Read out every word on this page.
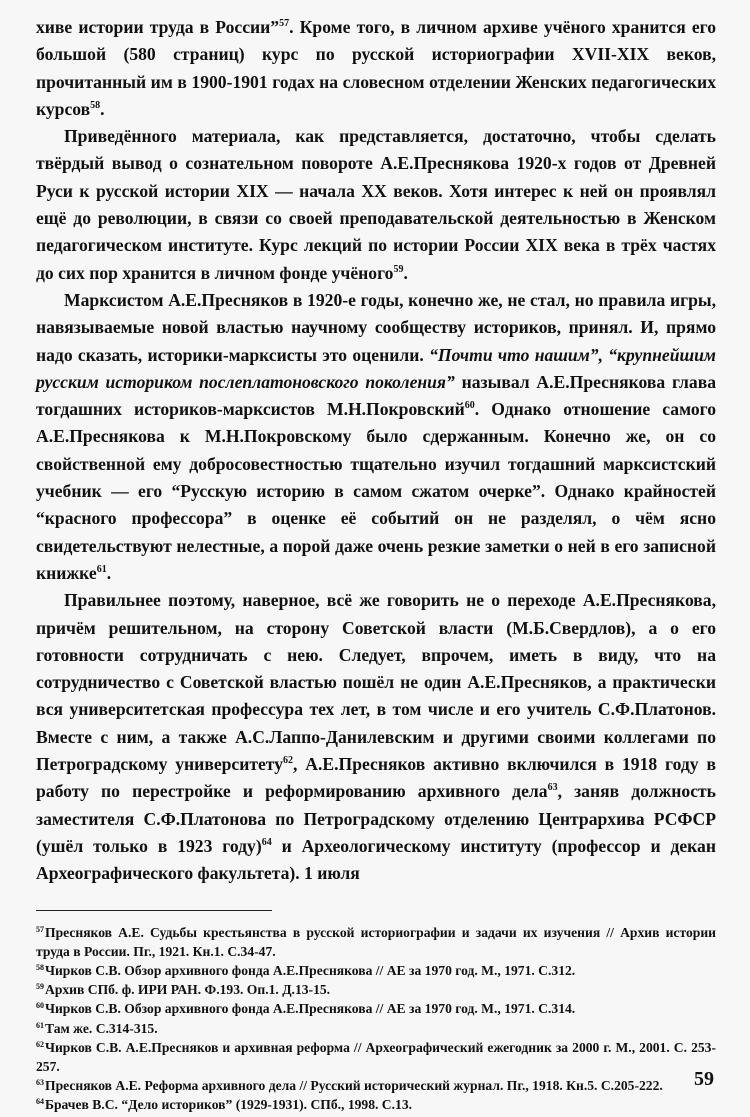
хиве истории труда в России”$^{57}$. Кроме того, в личном архиве учёного хранится его большой (580 страниц) курс по русской историографии XVII-XIX веков, прочитанный им в 1900-1901 годах на словесном отделении Женских педагогических курсов$^{58}$.

Приведённого материала, как представляется, достаточно, чтобы сделать твёрдый вывод о сознательном повороте А.Е.Преснякова 1920-х годов от Древней Руси к русской истории XIX — начала XX веков. Хотя интерес к ней он проявлял ещё до революции, в связи со своей преподавательской деятельностью в Женском педагогическом институте. Курс лекций по истории России XIX века в трёх частях до сих пор хранится в личном фонде учёного$^{59}$.

Марксистом А.Е.Пресняков в 1920-е годы, конечно же, не стал, но правила игры, навязываемые новой властью научному сообществу историков, принял. И, прямо надо сказать, историки-марксисты это оценили. “Почти что нашим”, “крупнейшим русским историком послеплатоновского поколения” называл А.Е.Преснякова глава тогдашних историков-марксистов М.Н.Покровский$^{60}$. Однако отношение самого А.Е.Преснякова к М.Н.Покровскому было сдержанным. Конечно же, он со свойственной ему добросовестностью тщательно изучил тогдашний марксистский учебник — его “Русскую историю в самом сжатом очерке”. Однако крайностей “красного профессора” в оценке её событий он не разделял, о чём ясно свидетельствуют нелестные, а порой даже очень резкие заметки о ней в его записной книжке$^{61}$.

Правильнее поэтому, наверное, всё же говорить не о переходе А.Е.Преснякова, причём решительном, на сторону Советской власти (М.Б.Свердлов), а о его готовности сотрудничать с нею. Следует, впрочем, иметь в виду, что на сотрудничество с Советской властью пошёл не один А.Е.Пресняков, а практически вся университетская профессура тех лет, в том числе и его учитель С.Ф.Платонов. Вместе с ним, а также А.С.Лаппо-Данилевским и другими своими коллегами по Петроградскому университету$^{62}$, А.Е.Пресняков активно включился в 1918 году в работу по перестройке и реформированию архивного дела$^{63}$, заняв должность заместителя С.Ф.Платонова по Петроградскому отделению Центрархива РСФСР (ушёл только в 1923 году)$^{64}$ и Археологическому институту (профессор и декан Археографического факультета). 1 июля

$^{57}$Пресняков А.Е. Судьбы крестьянства в русской историографии и задачи их изучения // Архив истории труда в России. Пг., 1921. Кн.1. С.34-47.

$^{58}$Чирков С.В. Обзор архивного фонда А.Е.Преснякова // АЕ за 1970 год. М., 1971. С.312.

$^{59}$Архив СПб. ф. ИРИ РАН. Ф.193. Оп.1. Д.13-15.

$^{60}$Чирков С.В. Обзор архивного фонда А.Е.Преснякова // АЕ за 1970 год. М., 1971. С.314.

$^{61}$Там же. С.314-315.

$^{62}$Чирков С.В. А.Е.Пресняков и архивная реформа // Археографический ежегодник за 2000 г. М., 2001. С. 253-257.

$^{63}$Пресняков А.Е. Реформа архивного дела // Русский исторический журнал. Пг., 1918. Кн.5. С.205-222.

$^{64}$Брачев В.С. “Дело историков” (1929-1931). СПб., 1998. С.13.

59
